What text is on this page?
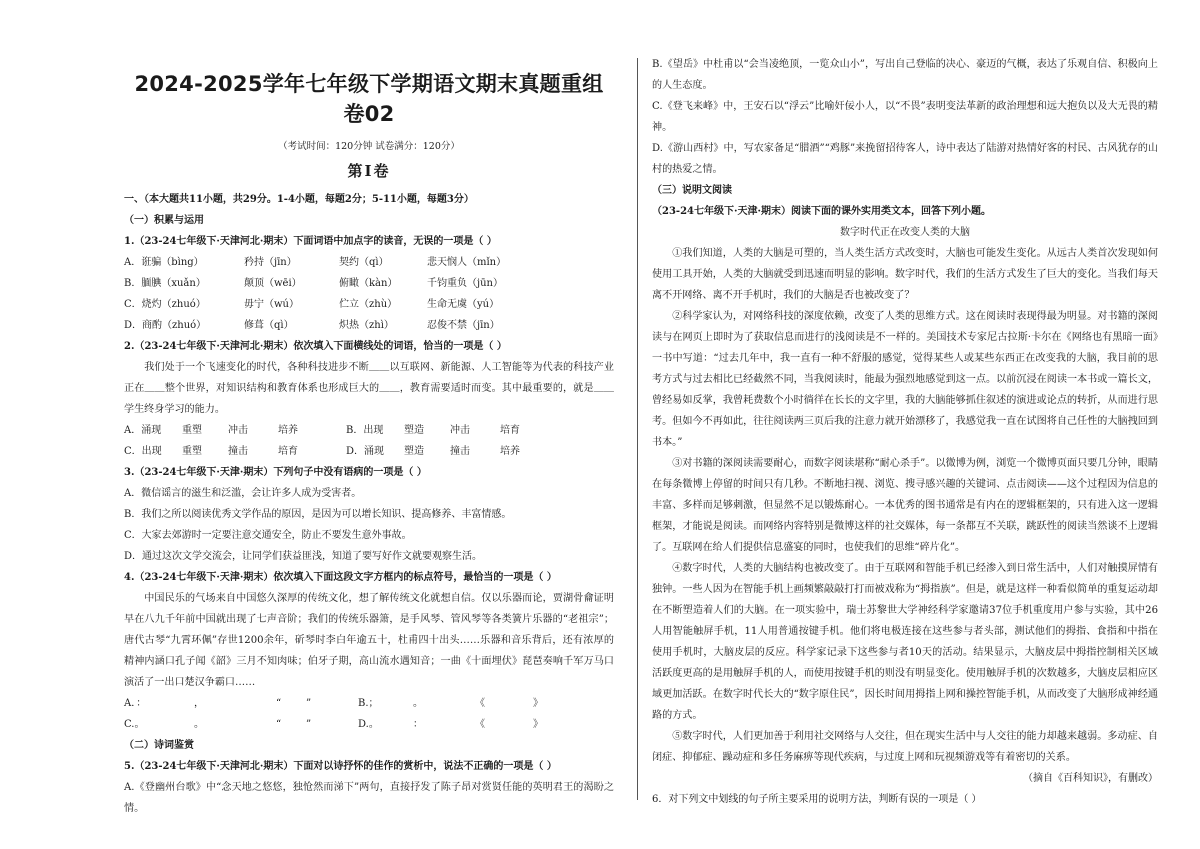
2024-2025学年七年级下学期语文期末真题重组卷02
（考试时间：120分钟 试卷满分：120分）
第Ⅰ卷
一、（本大题共11小题，共29分。1-4小题，每题2分；5-11小题，每题3分）
（一）积累与运用
1.（23-24七年级下·天津河北·期末）下面词语中加点字的读音，无误的一项是（ ）
A．诳骗（bìng）	矜持（jīn）	契约（qì）	悲天悯人（mǐn）
B．腼腆（xuǎn）	颠顶（wēi）	俯瞰（kàn）	千钧重负（jūn）
C．烧灼（zhuó）	毋宁（wú）	伫立（zhù）	生命无虞（yú）
D．商酌（zhuó）	修葺（qì）	炽热（zhì）	忍俊不禁（jīn）
2.（23-24七年级下·天津河北·期末）依次填入下面横线处的词语，恰当的一项是（ ）
我们处于一个飞速变化的时代，各种科技进步不断＿＿以互联网、新能源、人工智能等为代表的科技产业正在＿＿整个世界，对知识结构和教育体系也形成巨大的＿＿，教育需要适时而变。其中最重要的，就是＿＿学生终身学习的能力。
A．涌现	重塑	冲击	培养	B．出现	塑造	冲击	培育
C．出现	重塑	撞击	培育	D．涌现	塑造	撞击	培养
3.（23-24七年级下·天津·期末）下列句子中没有语病的一项是（ ）
A．微信谣言的滋生和泛滥，会让许多人成为受害者。
B．我们之所以阅读优秀文学作品的原因，是因为可以增长知识、提高修养、丰富情感。
C．大家去郊游时一定要注意交通安全，防止不要发生意外事故。
D．通过这次文学交流会，让同学们获益匪浅，知道了要写好作文就要观察生活。
4.（23-24七年级下·天津·期末）依次填入下面这段文字方框内的标点符号，最恰当的一项是（ ）
中国民乐的气场来自中国悠久深厚的传统文化，想了解传统文化就想自信。仅以乐器而论，贾湖骨龠证明早在八九千年前中国就出现了七声音阶；我们的传统乐器箫，是手风琴、管风琴等各类簧片乐器的“老祖宗”；唐代古琴“九霄环佩”存世1200余年，斫琴时李白年逾五十，杜甫四十出头……乐器和音乐背后，还有浓厚的精神内涵口孔子闻《韶》三月不知肉味；伯牙子期，高山流水遇知音；一曲《十面埋伏》琵琶奏响千军万马口演活了一出口楚汉争霸口……
A．：	，	“	”	B.；	。	《	》
C.。	。	“	”	D.。	：	《	》
（二）诗词鉴赏
5.（23-24七年级下·天津河北·期末）下面对以诗抒怀的佳作的赏析中，说法不正确的一项是（ ）
A.《登幽州台歌》中“念天地之悠悠，独怆然而涕下”两句，直接抒发了陈子昂对赏贤任能的英明君王的渴盼之情。
B.《望岳》中杜甫以“会当凌绝顶，一览众山小”，写出自己登临的决心、豪迈的气概，表达了乐观自信、积极向上的人生态度。
C.《登飞来峰》中，王安石以“浮云”比喻奸佞小人，以“不畏”表明变法革新的政治理想和远大抱负以及大无畏的精神。
D.《游山西村》中，写农家备足“腊酒”“鸡豚”来挽留招待客人，诗中表达了陆游对热情好客的村民、古风犹存的山村的热爱之情。
（三）说明文阅读
（23-24七年级下·天津·期末）阅读下面的课外实用类文本，回答下列小题。
数字时代正在改变人类的大脑
①我们知道，人类的大脑是可塑的，当人类生活方式改变时，大脑也可能发生变化。从远古人类首次发现如何使用工具开始，人类的大脑就受到迅速而明显的影响。数字时代，我们的生活方式发生了巨大的变化。当我们每天离不开网络、离不开手机时，我们的大脑是否也被改变了？
②科学家认为，对网络科技的深度依赖，改变了人类的思维方式。这在阅读时表现得最为明显。对书籍的深阅读与在网页上即时为了获取信息而进行的浅阅读是不一样的。美国技术专家尼古拉斯·卡尔在《网络也有黑暗一面》一书中写道：“过去几年中，我一直有一种不舒服的感觉，觉得某些人或某些东西正在改变我的大脑，我目前的思考方式与过去相比已经截然不同，当我阅读时，能最为强烈地感觉到这一点。以前沉浸在阅读一本书或一篇长文，曾经易如反掌，我曾耗费数个小时徜徉在长长的文字里，我的大脑能够抓住叙述的演进或论点的转折，从而进行思考。但如今不再如此，往往阅读两三页后我的注意力就开始漂移了，我感觉我一直在试图将自己任性的大脑拽回到书本。”
③对书籍的深阅读需要耐心，而数字阅读堪称“耐心杀手”。以微博为例，浏览一个微博页面只要几分钟，眼睛在每条微博上停留的时间只有几秒。不断地扫视、浏览、搜寻感兴趣的关键词、点击阅读——这个过程因为信息的丰富、多样而足够刺激，但显然不足以锻炼耐心。一本优秀的图书通常是有内在的逻辑框架的，只有进入这一逻辑框架，才能说是阅读。而网络内容特别是微博这样的社交媒体，每一条都互不关联，跳跃性的阅读当然谈不上逻辑了。互联网在给人们提供信息盛宴的同时，也使我们的思维“碎片化”。
④数字时代，人类的大脑结构也被改变了。由于互联网和智能手机已经渗入到日常生活中，人们对触摸屏情有独钟。一些人因为在智能手机上画频繁敲敲打打而被戏称为“拇指族”。但是，就是这样一种看似简单的重复运动却在不断塑造着人们的大脑。在一项实验中，瑞士苏黎世大学神经科学家邀请37位手机重度用户参与实验，其中26人用智能触屏手机，11人用普通按键手机。他们将电极连接在这些参与者头部，测试他们的拇指、食指和中指在使用手机时，大脑皮层的反应。科学家记录下这些参与者10天的活动。结果显示，大脑皮层中拇指控制相关区域活跃度更高的是用触屏手机的人，而使用按键手机的则没有明显变化。使用触屏手机的次数越多，大脑皮层相应区域更加活跃。在数字时代长大的“数字原住民”，因长时间用拇指上网和操控智能手机，从而改变了大脑形成神经通路的方式。
⑤数字时代，人们更加善于利用社交网络与人交往，但在现实生活中与人交往的能力却越来越弱。多动症、自闭症、抑郁症、躁动症和多任务麻痹等现代疾病，与过度上网和玩视频游戏等有着密切的关系。
（摘自《百科知识》，有删改）
6．对下列文中划线的句子所主要采用的说明方法，判断有误的一项是（ ）
